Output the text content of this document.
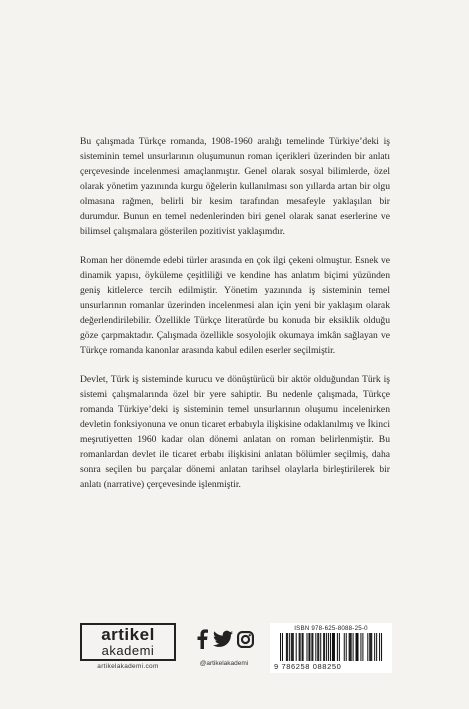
Bu çalışmada Türkçe romanda, 1908-1960 aralığı temelinde Türkiye’deki iş sisteminin temel unsurlarının oluşumunun roman içerikleri üzerinden bir anlatı çerçevesinde incelenmesi amaçlanmıştır. Genel olarak sosyal bilimlerde, özel olarak yönetim yazınında kurgu öğelerin kullanılması son yıllarda artan bir olgu olmasına rağmen, belirli bir kesim tarafından mesafeyle yaklaşılan bir durumdur. Bunun en temel nedenlerinden biri genel olarak sanat eserlerine ve bilimsel çalışmalara gösterilen pozitivist yaklaşımdır.

Roman her dönemde edebi türler arasında en çok ilgi çekeni olmuştur. Esnek ve dinamik yapısı, öyküleme çeşitliliği ve kendine has anlatım biçimi yüzünden geniş kitlelerce tercih edilmiştir. Yönetim yazınında iş sisteminin temel unsurlarının romanlar üzerinden incelenmesi alan için yeni bir yaklaşım olarak değerlendirilebilir. Özellikle Türkçe literatürde bu konuda bir eksiklik olduğu göze çarpmaktadır. Çalışmada özellikle sosyolojik okumaya imkân sağlayan ve Türkçe romanda kanonlar arasında kabul edilen eserler seçilmiştir.

Devlet, Türk iş sisteminde kurucu ve dönüştürücü bir aktör olduğundan Türk iş sistemi çalışmalarında özel bir yere sahiptir. Bu nedenle çalışmada, Türkçe romanda Türkiye’deki iş sisteminin temel unsurlarının oluşumu incelenirken devletin fonksiyonuna ve onun ticaret erbabıyla ilişkisine odaklanılmış ve İkinci meşrutiyetten 1960 kadar olan dönemi anlatan on roman belirlenmiştir. Bu romanlardan devlet ile ticaret erbabı ilişkisini anlatan bölümler seçilmiş, daha sonra seçilen bu parçalar dönemi anlatan tarihsel olaylarla birleştirilerek bir anlatı (narrative) çerçevesinde işlenmiştir.

artikel
akademi
artikelakademi.com
	@artikelakademi
ISBN 978-625-8088-25-0
9 786258 088250
